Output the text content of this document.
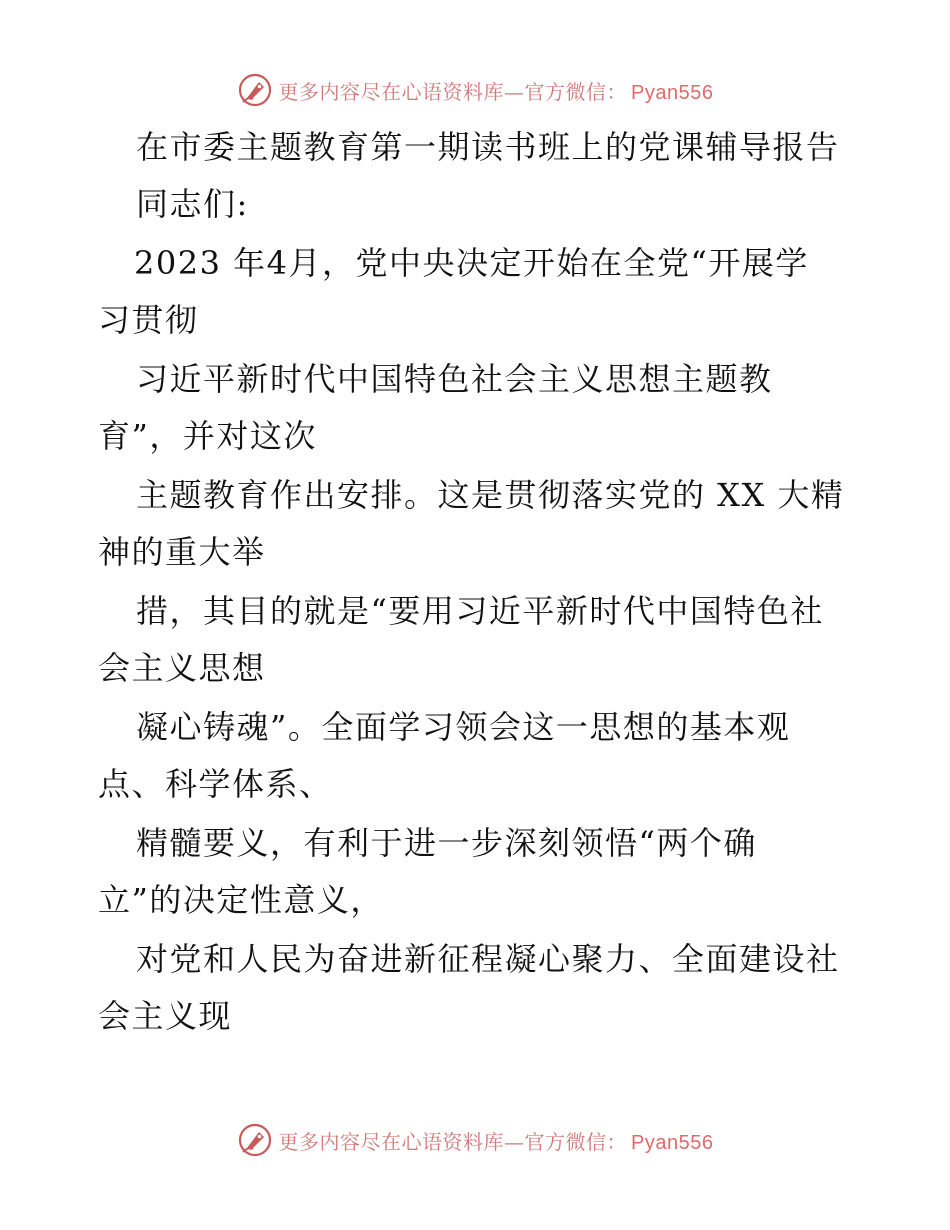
更多内容尽在心语资料库—官方微信： Pyan556
在市委主题教育第一期读书班上的党课辅导报告
同志们:
2023 年4月，党中央决定开始在全党“开展学
习贯彻
习近平新时代中国特色社会主义思想主题教
育”，并对这次
主题教育作出安排。这是贯彻落实党的 XX 大精
神的重大举
措，其目的就是“要用习近平新时代中国特色社
会主义思想
凝心铸魂”。全面学习领会这一思想的基本观
点、科学体系、
精髓要义，有利于进一步深刻领悟“两个确
立”的决定性意义，
对党和人民为奋进新征程凝心聚力、全面建设社
会主义现
更多内容尽在心语资料库—官方微信： Pyan556
